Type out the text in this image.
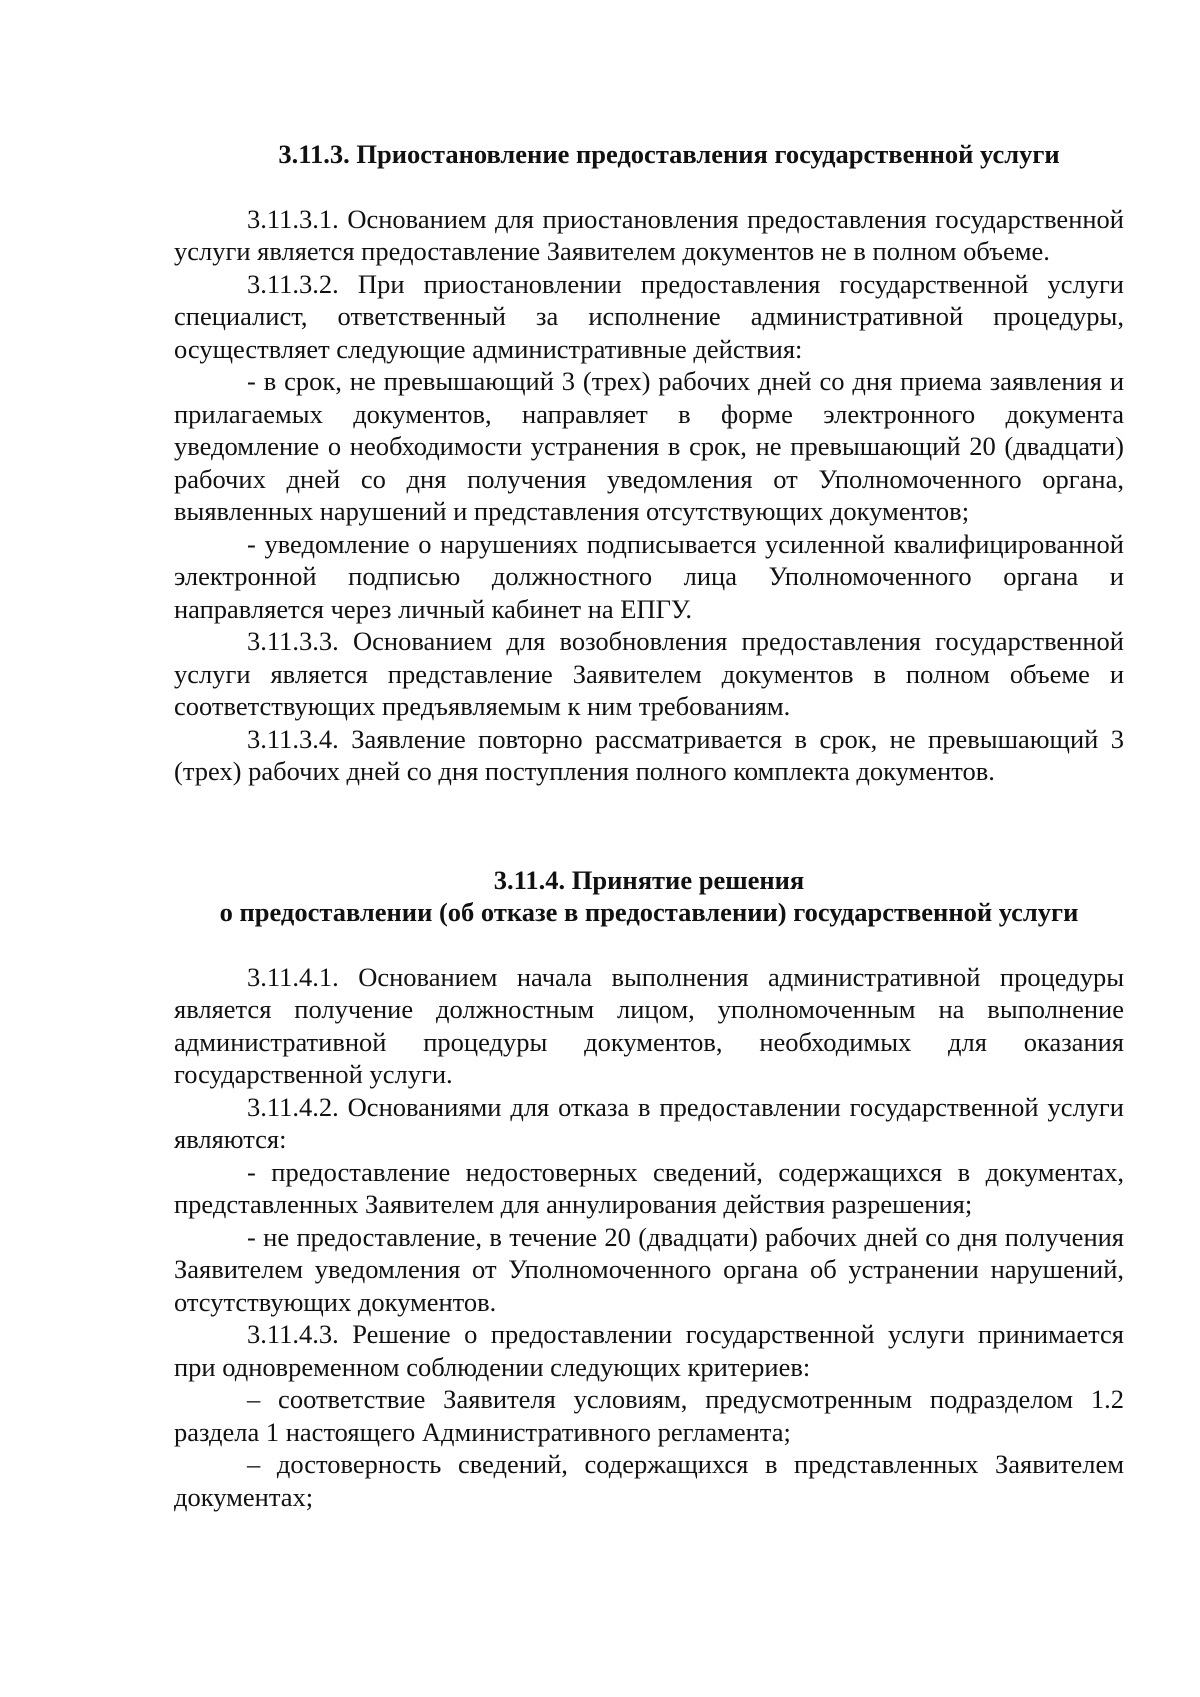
3.11.3. Приостановление предоставления государственной услуги

3.11.3.1. Основанием для приостановления предоставления государственной услуги является предоставление Заявителем документов не в полном объеме.

3.11.3.2. При приостановлении предоставления государственной услуги специалист, ответственный за исполнение административной процедуры, осуществляет следующие административные действия:

- в срок, не превышающий 3 (трех) рабочих дней со дня приема заявления и прилагаемых документов, направляет в форме электронного документа уведомление о необходимости устранения в срок, не превышающий 20 (двадцати) рабочих дней со дня получения уведомления от Уполномоченного органа, выявленных нарушений и представления отсутствующих документов;

- уведомление о нарушениях подписывается усиленной квалифицированной электронной подписью должностного лица Уполномоченного органа и направляется через личный кабинет на ЕПГУ.

3.11.3.3. Основанием для возобновления предоставления государственной услуги является представление Заявителем документов в полном объеме и соответствующих предъявляемым к ним требованиям.

3.11.3.4. Заявление повторно рассматривается в срок, не превышающий 3 (трех) рабочих дней со дня поступления полного комплекта документов.

3.11.4. Принятие решения
о предоставлении (об отказе в предоставлении) государственной услуги

3.11.4.1. Основанием начала выполнения административной процедуры является получение должностным лицом, уполномоченным на выполнение административной процедуры документов, необходимых для оказания государственной услуги.

3.11.4.2. Основаниями для отказа в предоставлении государственной услуги являются:

- предоставление недостоверных сведений, содержащихся в документах, представленных Заявителем для аннулирования действия разрешения;

- не предоставление, в течение 20 (двадцати) рабочих дней со дня получения Заявителем уведомления от Уполномоченного органа об устранении нарушений, отсутствующих документов.

3.11.4.3. Решение о предоставлении государственной услуги принимается при одновременном соблюдении следующих критериев:

– соответствие Заявителя условиям, предусмотренным подразделом 1.2 раздела 1 настоящего Административного регламента;

– достоверность сведений, содержащихся в представленных Заявителем документах;
